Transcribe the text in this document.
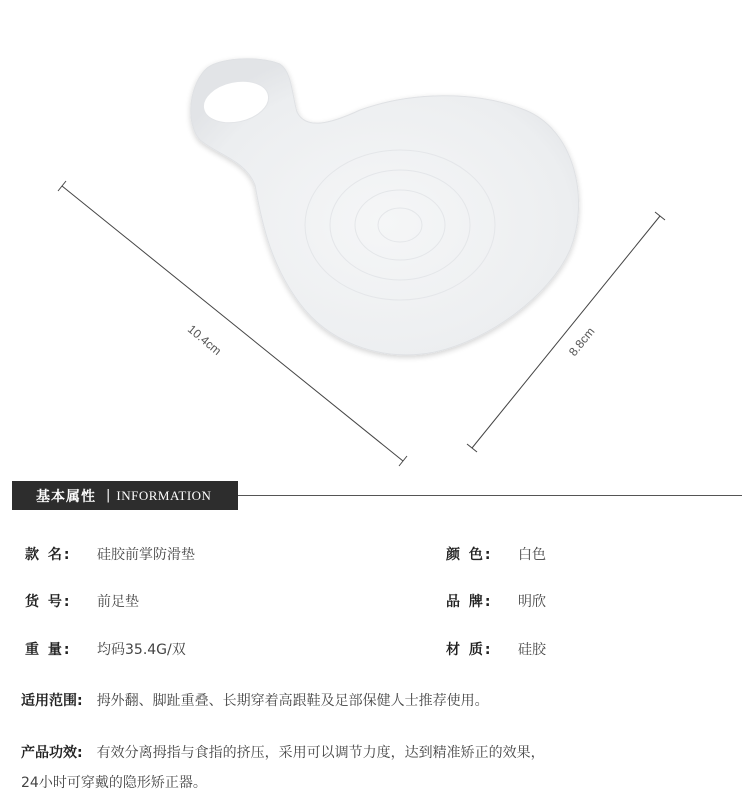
10.4cm	8.8cm
基本属性 | INFORMATION
款 名: 硅胶前掌防滑垫	颜 色: 白色
货 号: 前足垫	品 牌: 明欣
重 量: 均码35.4G/双	材 质: 硅胶
适用范围: 拇外翻、脚趾重叠、长期穿着高跟鞋及足部保健人士推荐使用。
产品功效: 有效分离拇指与食指的挤压，采用可以调节力度，达到精准矫正的效果，
24小时可穿戴的隐形矫正器。
